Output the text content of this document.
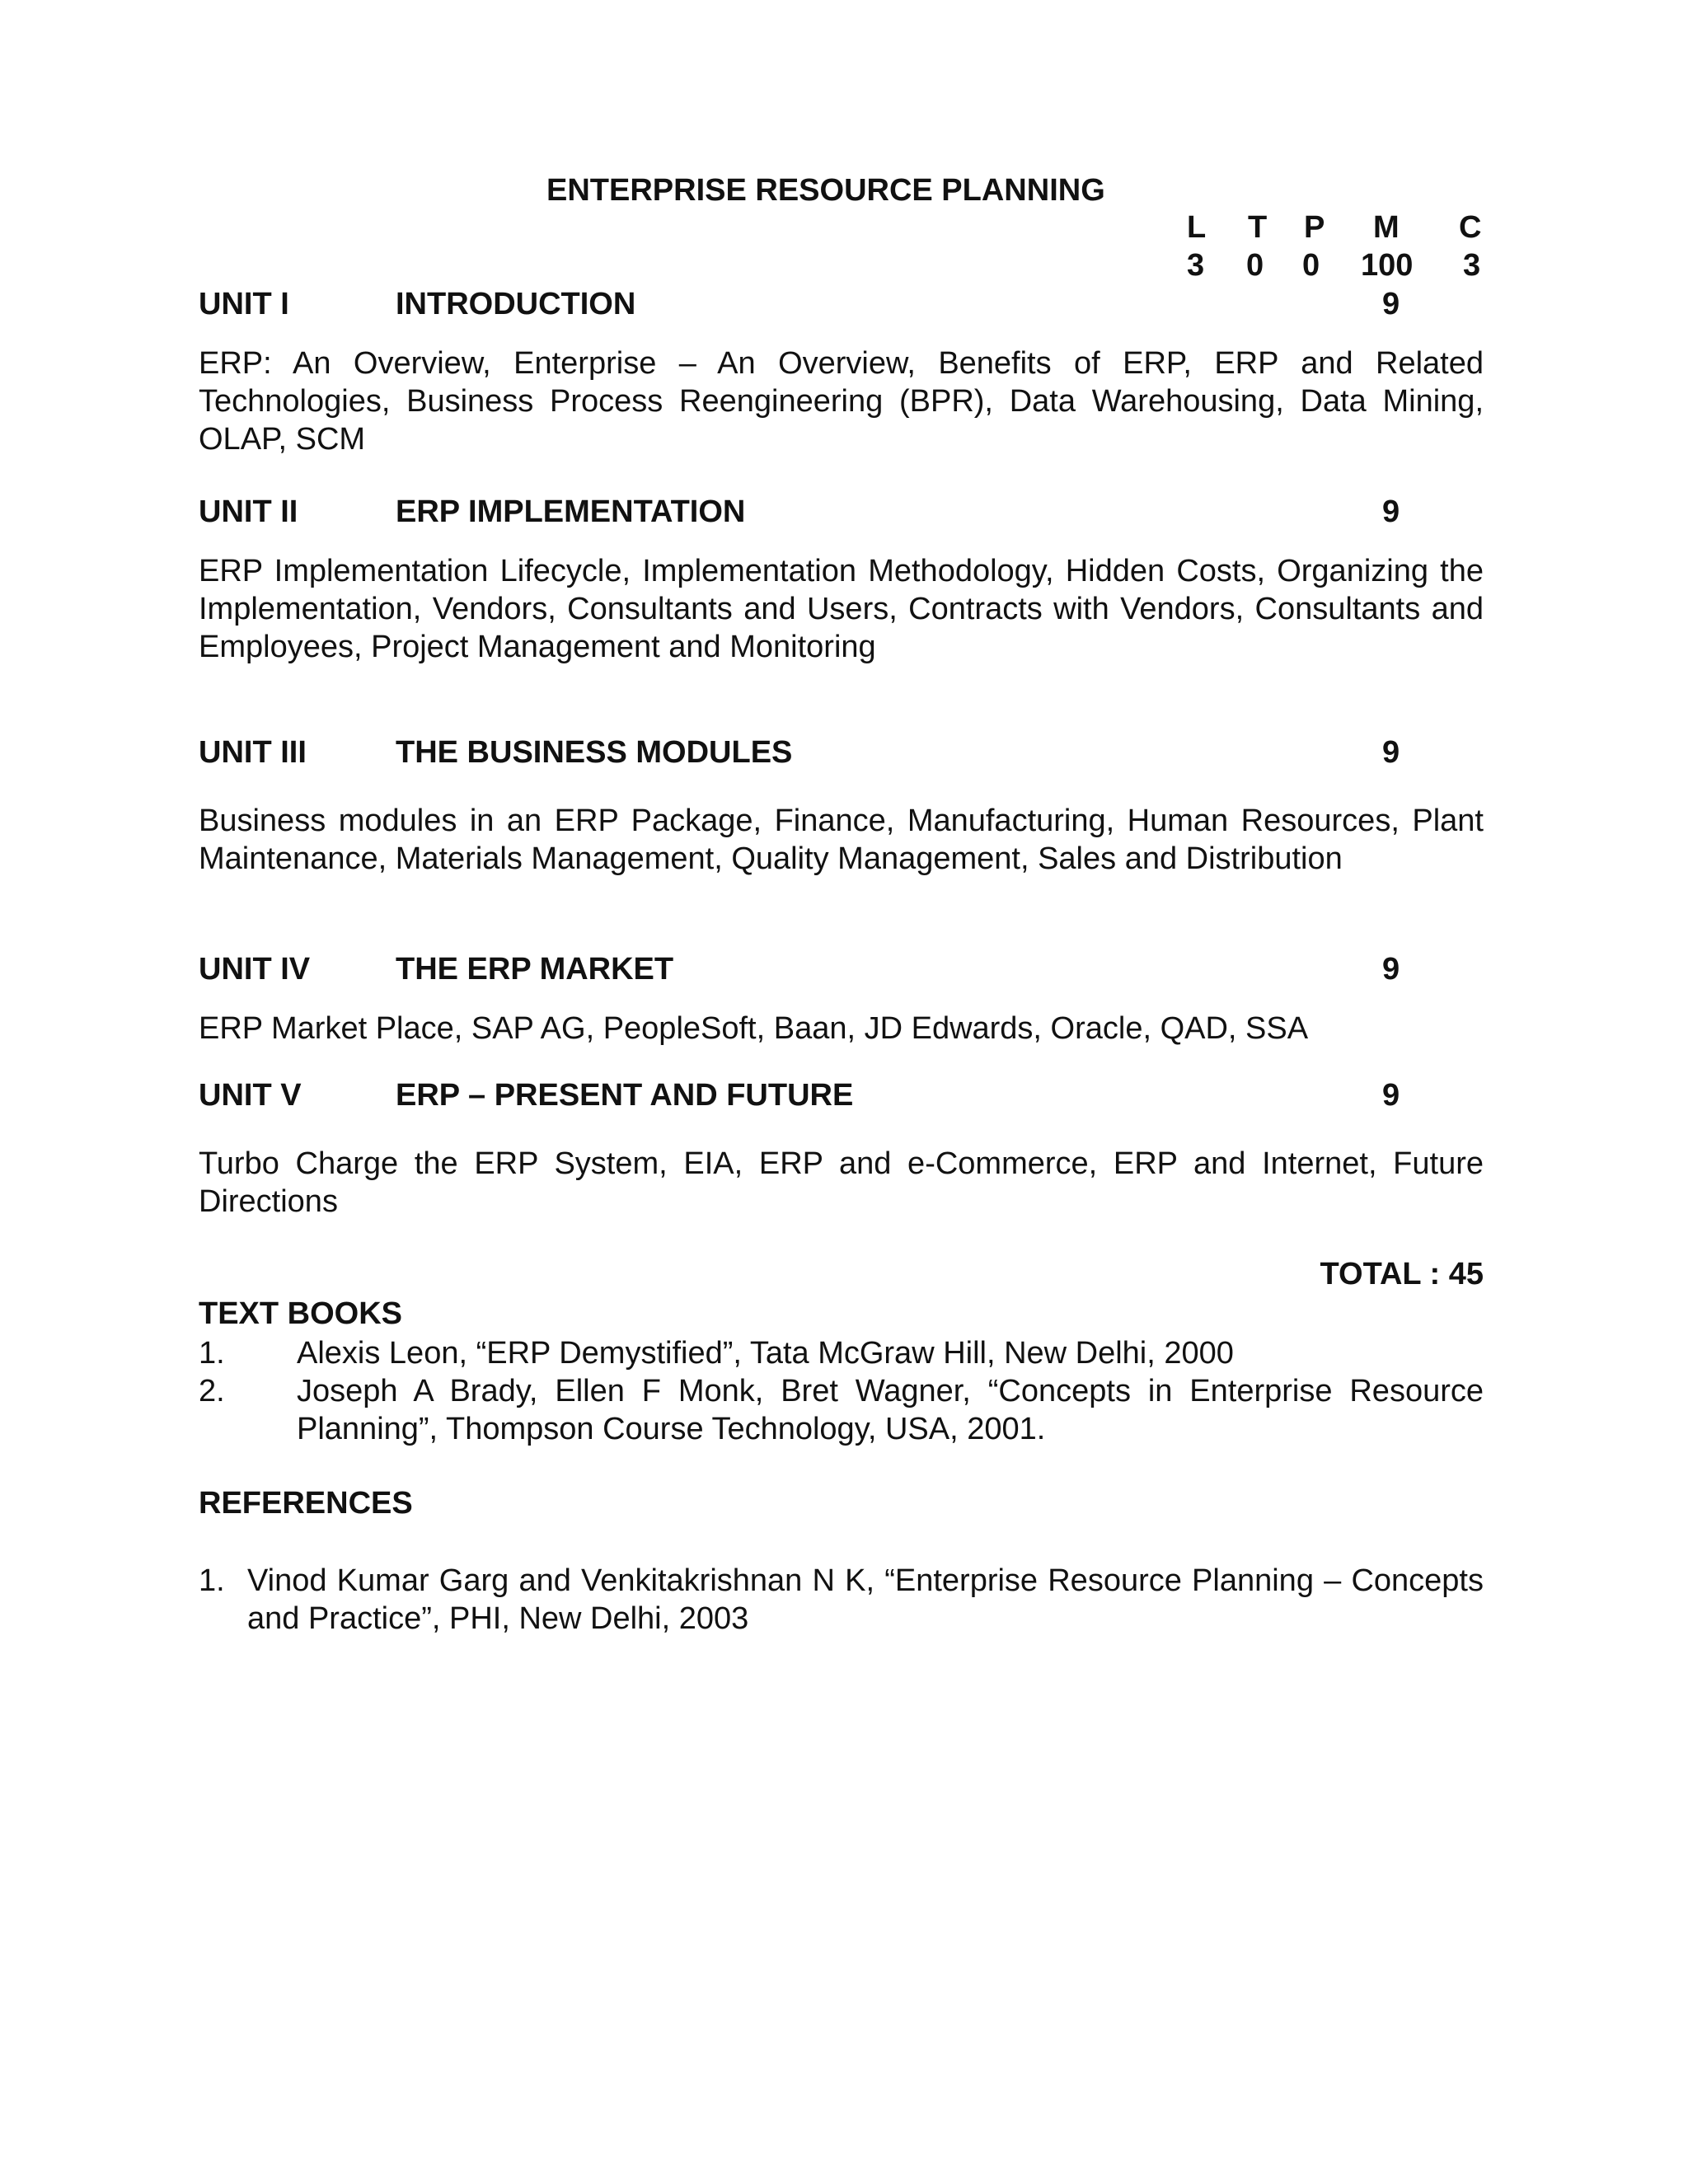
ENTERPRISE RESOURCE PLANNING
L T P M C
3 0 0 100 3
UNIT I	INTRODUCTION	9
ERP: An Overview, Enterprise – An Overview, Benefits of ERP, ERP and Related Technologies, Business Process Reengineering (BPR), Data Warehousing, Data Mining, OLAP, SCM
UNIT II	ERP IMPLEMENTATION	9
ERP Implementation Lifecycle, Implementation Methodology, Hidden Costs, Organizing the Implementation, Vendors, Consultants and Users, Contracts with Vendors, Consultants and Employees, Project Management and Monitoring
UNIT III	THE BUSINESS MODULES	9
Business modules in an ERP Package, Finance, Manufacturing, Human Resources, Plant Maintenance, Materials Management, Quality Management, Sales and Distribution
UNIT IV	THE ERP MARKET	9
ERP Market Place, SAP AG, PeopleSoft, Baan, JD Edwards, Oracle, QAD, SSA
UNIT V	ERP – PRESENT AND FUTURE	9
Turbo Charge the ERP System, EIA, ERP and e-Commerce, ERP and Internet, Future Directions
TOTAL : 45
TEXT BOOKS
1. Alexis Leon, “ERP Demystified”, Tata McGraw Hill, New Delhi, 2000
2. Joseph A Brady, Ellen F Monk, Bret Wagner, “Concepts in Enterprise Resource Planning”, Thompson Course Technology, USA, 2001.
REFERENCES
1. Vinod Kumar Garg and Venkitakrishnan N K, “Enterprise Resource Planning – Concepts and Practice”, PHI, New Delhi, 2003
